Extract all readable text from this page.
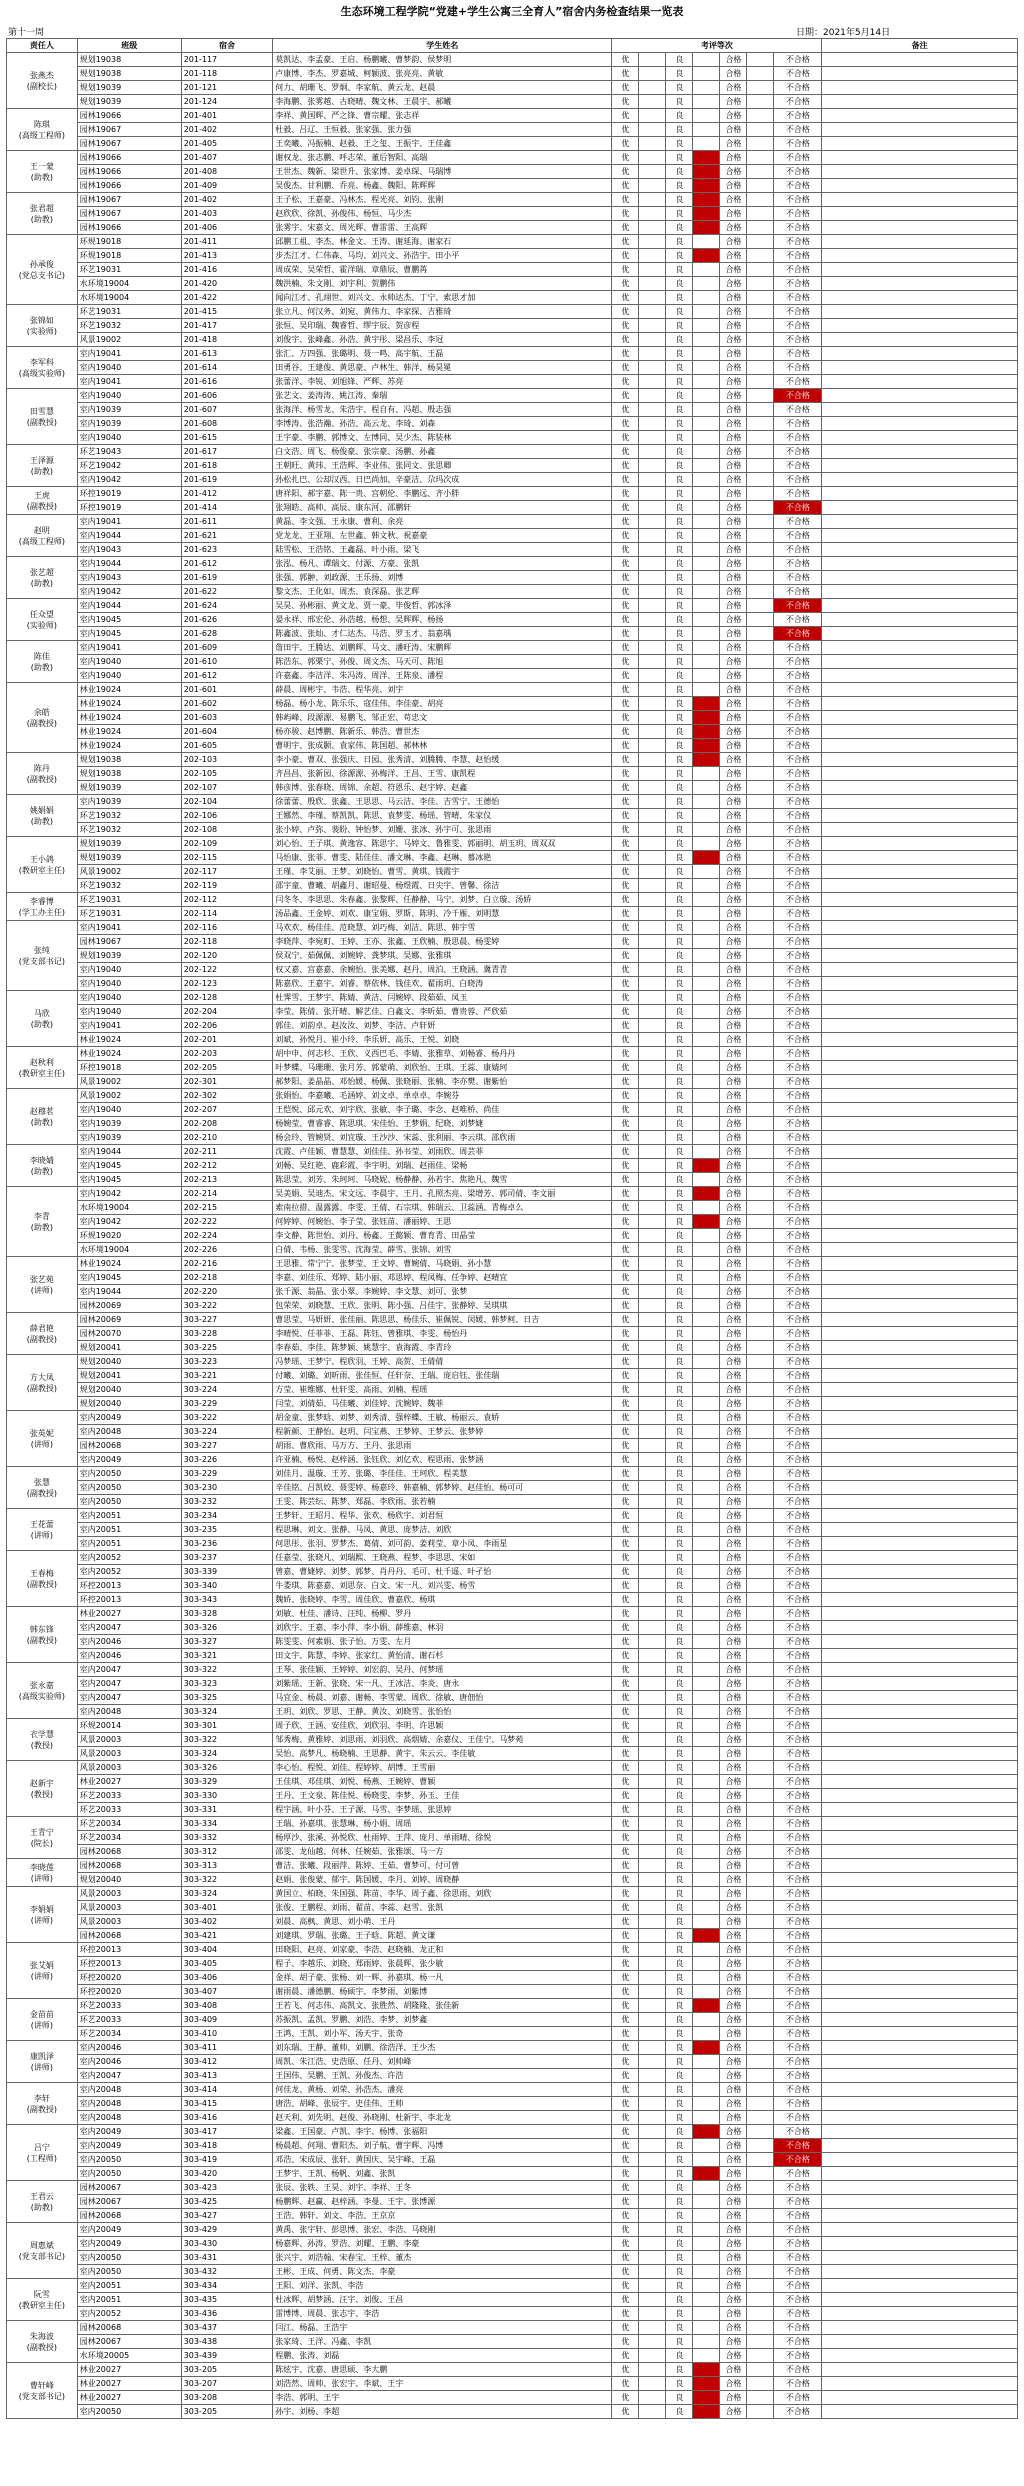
生态环境工程学院“党建+学生公寓三全育人”宿舍内务检查结果一览表
第十一周	日期：2021年5月14日
责任人	班级	宿舍	学生姓名	考评等次							备注
张燕杰
(副校长)	规划19038	201-117	莫凯达、李孟豪、王启、杨鹏曦、曹梦韵、侯梦明	优		良		合格		不合格	
	规划19038	201-118	卢康博、李杰、罗嘉城、柯颖波、张亮亮、黄敏	优		良		合格		不合格	
	规划19039	201-121	何力、胡珊飞、罗炯、李家航、黄云龙、赵晨	优		良		合格		不合格	
	规划19039	201-124	李海鹏、张雾越、古晓晴、魏文林、王晨宇、郝曦	优		良		合格		不合格	
陈琪
(高级工程师)	园林19066	201-401	李祥、黄国辉、严之锋、曹宗耀、张志祥	优		良		合格		不合格	
	园林19067	201-402	杜毅、吕辽、王恒毅、张家强、张力强	优		良		合格		不合格	
	园林19067	201-405	王奕曦、冯振楠、赵毅、王之玺、王振宇、王佳鑫	优		良		合格		不合格	
王一蒙
(助教)	园林19066	201-407	谢权龙、张志鹏、呼志荣、董后智阳、高瑞	优		良		合格		不合格	
	园林19066	201-408	王世杰、魏新、梁世升、张家博、姜卓琛、马瑞博	优		良		合格		不合格	
	园林19066	201-409	吴俊杰、甘利鹏、乔亮、杨鑫、魏阳、陈辉辉	优		良		合格		不合格	
张君超
(助教)	园林19067	201-402	王子松、王嘉豪、冯林杰、程光亮、刘钧、张刚	优		良		合格		不合格	
	园林19067	201-403	赵欣欣、徐凯、孙俊伟、杨恒、马少杰	优		良		合格		不合格	
	园林19066	201-406	张雾宇、宋嘉文、周光辉、曹雷雷、王高辉	优		良		合格		不合格	
孙承俊
(党总支书记)	环规19018	201-411	邱鹏工祖、李杰、林金文、王涛、谢延海、谢家石	优		良		合格		不合格	
	环规19018	201-413	步杰江才、仁伟森、马均、刘兴文、孙浩宇、田小平	优		良		合格		不合格	
	环艺19031	201-416	周成荣、吴荣哲、霍洋瑞、章鼎辰、曹鹏苒	优		良		合格		不合格	
	水环境19004	201-420	魏洪楠、朱文刚、刘宇利、贺鹏伟	优		良		合格		不合格	
	水环境19004	201-422	闻向江才、孔翊世、刘兴文、永帅达杰、丁宁、索思才加	优		良		合格		不合格	
张锦如
(实验师)	环艺19031	201-415	张立凡、何汉务、刘宛、黄伟力、李家探、吉雅琦	优		良		合格		不合格	
	环艺19032	201-417	张恒、吴印瑞、魏睿哲、缪宇辰、贺彦程	优		良		合格		不合格	
	风景19002	201-418	刘俊宇、张峰鑫、孙浩、黄宇彤、梁昌乐、李冠	优		良		合格		不合格	
李军科
(高级实验师)	室内19041	201-613	张汇、万四强、张璐明、聂一鸣、高宇航、王磊	优		良		合格		不合格	
	室内19040	201-614	田勇谷、王建俊、黄思豪、卢林生、韩洋、杨昊冕	优		良		合格		不合格	
	室内19041	201-616	张蕾洋、李锐、刘旭锋、严辉、苏亮	优		良		合格		不合格	
田雪慧
(副教授)	室内19040	201-606	张艺文、姜涛涛、姚江涛、秦瑞	优		良		合格		不合格	
	室内19039	201-607	张海洋、杨雪龙、朱浩宇、程自有、冯超、殷志强	优		良		合格		不合格	
	室内19039	201-608	李博涛、张浩瀚、孙浩、高云龙、李琦、刘森	优		良		合格		不合格	
	室内19040	201-615	王宇豪、李鹏、郭博文、左博同、吴少杰、陈装林	优		良		合格		不合格	
王泽源
(助教)	环艺19043	201-617	白文浩、周飞、杨俊豪、张宗豪、汤鹏、孙鑫	优		良		合格		不合格	
	环艺19042	201-618	王朝旺、黄玮、王浩辉、李业伟、张同文、张思卿	优		良		合格		不合格	
	室内19042	201-619	孙松扎巴、公却汉西、日巴尚加、辛豪洁、尕玛次成	优		良		合格		不合格	
王虎
(副教授)	环控19019	201-412	唐祥阳、郝宇嘉、陈一贵、宫朝伦、李鹏远、齐小胖	优		良		合格		不合格	
	环控19019	201-414	张翔皓、高帅、高辰、康东河、邵鹏轩	优		良		合格		不合格	
赵明
(高级工程师)	室内19041	201-611	黄磊、李文强、王永康、曹利、余亮	优		良		合格		不合格	
	室内19044	201-621	党龙龙、王亚翔、左世鑫、韩文秋、祝嘉豪	优		良		合格		不合格	
	室内19043	201-623	陆雪松、王浩铭、王鑫磊、叶小雨、梁飞	优		良		合格		不合格	
张艺超
(助教)	室内19044	201-612	张泓、杨凡、谭瑞文、付源、方豪、张凯	优		良		合格		不合格	
	室内19043	201-619	张强、郭翀、刘政源、王乐扬、刘博	优		良		合格		不合格	
	室内19042	201-622	黎文杰、王化如、周杰、袁深磊、张艺辉	优		良		合格		不合格	
任众望
(实验师)	室内19044	201-624	吴昊、孙彬丽、黄文龙、贾一豪、毕俊哲、郭冰泽	优		良		合格		不合格	
	室内19045	201-626	晏永祥、邢宏伦、孙浩越、杨想、吴辉辉、杨扬	优		良		合格		不合格	
	室内19045	201-628	陈鑫波、张灿、才仁达杰、马浩、罗玉才、翁嘉瑀	优		良		合格		不合格	
陈佳
(助教)	室内19041	201-609	詹田宇、王腾达、刘鹏辉、马文、潘旺涛、宋鹏辉	优		良		合格		不合格	
	室内19040	201-610	陈浩东、郭栗宁、孙俊、周文杰、马天可、陈旭	优		良		合格		不合格	
	室内19040	201-612	许嘉鑫、李洁洋、朱冯涛、周洋、王陈泉、潘程	优		良		合格		不合格	
余皓
(副教授)	林业19024	201-601	薛晨、周彬宇、韦浩、程华亮、刘宇	优		良		合格		不合格	
	林业19024	201-602	杨磊、杨小龙、陈乐乐、寇佳伟、李佳豪、胡亮	优		良		合格		不合格	
	林业19024	201-603	韩屿峰、段源源、易鹏飞、邹正宏、苟忠文	优		良		合格		不合格	
	林业19024	201-604	杨亦骏、赵博鹏、陈新乐、韩浩、曹世杰	优		良		合格		不合格	
	林业19024	201-605	曹明宇、张成颢、袁家伟、陈国超、郝林林	优		良		合格		不合格	
陈丹
(副教授)	规划19038	202-103	李小豪、曹双、张强庆、日园、张秀清、刘腾腾、李慧、赵怡缓	优		良		合格		不合格	
	规划19038	202-105	齐昌昌、张新园、徐源源、孙梅洋、王昌、王雪、康凯程	优		良		合格		不合格	
	规划19039	202-107	韩彦博、张春晓、周锦、余超、符恩乐、赵宇婷、赵鑫	优		良		合格		不合格	
姚娟娟
(助教)	室内19039	202-104	徐蕾蕾、殷欣、张鑫、王思思、马云洁、李佳、吉雪宁、王德怡	优		良		合格		不合格	
	环艺19032	202-106	王娜然、李瑾、蔡凯凯、陈思、袁梦雯、杨瑶、管晴、朱家仪	优		良		合格		不合格	
	环艺19032	202-108	张小婷、卢弥、裴盼、钟怡梦、刘姗、张冰、孙宇可、张思雨	优		良		合格		不合格	
王小鸽
(教研室主任)	规划19039	202-109	刘心怡、王子琪、黄逸容、陈思宇、马婷文、鲁雅雯、郭丽明、胡玉玥、周双双	优		良		合格		不合格	
	规划19039	202-115	马怡康、张菲、曹雯、陆佳佳、潘文琳、李鑫、赵琳、慕冰艳	优		良		合格		不合格	
	风景19002	202-117	王瑾、李艾丽、王梦、刘晓怡、曹雪、黄琪、钱霞宇	优		良		合格		不合格	
	环艺19032	202-119	邵宇童、曹曦、胡鑫月、谢昭曼、杨煜霞、日尖宇、曾馨、徐洁	优		良		合格		不合格	
李睿博
(学工办主任)	环艺19031	202-112	闫冬冬、李思思、朱春鑫、张黎辉、任静静、马宁、刘梦、白立璇、汤娇	优		良		合格		不合格	
	环艺19031	202-114	汤品鑫、王金婷、刘欢、康宝娟、罗斯、陈明、冷千雁、刘明慧	优		良		合格		不合格	
张纯
(党支部书记)	室内19041	202-116	马欢欢、杨佳佳、范晓慧、刘巧梅、刘洁、陈思、韩宇雪	优		良		合格		不合格	
	园林19067	202-118	李晓萍、李宛町、王婷、王亦、张鑫、王欣楠、殷思晨、杨雯婷	优		良		合格		不合格	
	规划19039	202-120	侯双宁、茹佩佩、刘婉婷、龚梦琪、吴娜、张雅琪	优		良		合格		不合格	
	室内19040	202-122	权又嘉、宫嘉嘉、余婉怡、张美娜、赵丹、周泊、王晓涵、冀青青	优		良		合格		不合格	
	室内19040	202-123	陈嘉欣、王嘉宇、刘睿、蔡依林、钱佳欢、翟雨玥、白晓涛	优		良		合格		不合格	
马欣
(助教)	室内19040	202-128	杜霁雪、王梦宇、陈婧、黄洁、闫婉婷、段茹茹、凤玉	优		良		合格		不合格	
	室内19040	202-204	李莹、陈倩、张开晴、解艺佳、白鑫文、李昕茹、曹贵蓉、严欣茹	优		良		合格		不合格	
	室内19041	202-206	郭佳、刘韵卓、赵汝汝、刘梦、李洁、卢轩妍	优		良		合格		不合格	
	林业19024	202-201	刘斌、孙悦月、崔小玲、李乐妍、高乐、王悦、刘晓	优		良		合格		不合格	
赵秋利
(教研室主任)	林业19024	202-203	胡中申、何志杉、王欣、义西巴毛、李婧、张雅草、刘畅睿、杨丹丹	优		良		合格		不合格	
	环控19018	202-205	叶梦蝶、马珊珊、张月芳、郭蒙萌、刘欣怡、王琪、王蕊、康婧珂	优		良		合格		不合格	
	风景19002	202-301	郝梦阳、姜晶晶、邓怡媛、杨佩、张晓丽、张楠、李亦樊、谢紫怡	优		良		合格		不合格	
赵穆茗
(助教)	风景19002	202-302	张娟怡、李嘉曦、毛涵婷、刘文卓、单卓卓、李婉芬	优		良		合格		不合格	
	室内19040	202-207	王恺悦、邱元欢、刘宇欣、张敏、李子璐、李念、赵唯桥、尚佳	优		良		合格		不合格	
	室内19039	202-208	杨婉莹、曹睿睿、陈思琪、宋佳怡、王梦娟、纪晓、刘梦婕	优		良		合格		不合格	
	室内19039	202-210	杨会玲、管婉贤、刘宜璇、王沙沙、宋蕊、张利丽、李云琪、邵欣雨	优		良		合格		不合格	
李晓婧
(助教)	室内19044	202-211	沈霞、卢佳颖、曹慧慧、刘佳佳、孙书莹、刘雨欣、周芸菲	优		良		合格		不合格	
	室内19045	202-212	刘畅、吴红艳、鹿彩霞、李宇明、刘瑞、赵雨佳、梁畅	优		良		合格		不合格	
	室内19045	202-213	陈思莹、刘芳、朱珂珂、马晓妮、杨静静、孙若宇、焦艳凡、魏雪	优		良		合格		不合格	
李青
(助教)	室内19042	202-214	吴美娟、吴迪杰、宋文远、李晨宇、王月、孔照杰亮、梁增芳、郭司倩、李文丽	优		良		合格		不合格	
	水环境19004	202-215	索南拉措、温露露、李雯、王倩、石宗琪、韩瑞云、卫蕊涵、青梅卓么	优		良		合格		不合格	
	室内19042	202-222	何婷婷、何婉怡、李子莹、张钰苗、潘丽婷、王思	优		良		合格		不合格	
	环规19020	202-224	李文静、陈世怡、刘丹、杨鑫、王懿颖、曹育青、田晶莹	优		良		合格		不合格	
	水环境19004	202-226	白倩、韦杨、张雯雪、沈海莹、薛雪、张锦、刘雪	优		良		合格		不合格	
张艺苑
(讲师)	林业19024	202-216	王思雅、常宁宁、张梦莹、王文婷、曹婉倩、马晓娟、孙小慧	优		良		合格		不合格	
	室内19045	202-218	李嘉、刘佳乐、郑婷、陆小丽、邓思婷、程凤梅、任争婷、赵晴宜	优		良		合格		不合格	
	室内19044	202-220	张千源、翁晶、张小翠、李婉婷、李文慧、刘可、张梦	优		良		合格		不合格	
	园林20069	303-222	包荣荣、刘晓慧、王欣、张明、陈小强、吕佳宇、张静婷、吴琪琪	优		良		合格		不合格	
薛君艳
(副教授)	园林20069	303-227	曹思莹、马妍妍、张佳丽、陈思思、杨佳乐、崔佩锐、闵媛、韩梦柯、日吉	优		良		合格		不合格	
	园林20070	303-228	李晴悦、任菲菲、王磊、陈钰、曾雅琪、李雯、杨怡丹	优		良		合格		不合格	
	规划20041	303-225	李春茹、李佳、陈梦颖、姚慧宇、袁海霞、李青玲	优		良		合格		不合格	
方大凤
(副教授)	规划20040	303-223	冯梦瑶、王梦宁、程欣羽、王婷、高贺、王倩倩	优		良		合格		不合格	
	规划20041	303-221	付曦、刘璐、刘昕雨、张佳恒、任轩奈、王瑞、庞启钰、张佳瑞	优		良		合格		不合格	
	规划20040	303-224	方莹、崔维娜、杜轩雯、高雨、刘楠、程瑶	优		良		合格		不合格	
	规划20040	303-229	闫莹、刘倩茹、马佳曦、刘佳婷、沈婉婷、魏菲	优		良		合格		不合格	
张英妮
(讲师)	室内20049	303-222	胡金童、张梦晗、刘梦、刘秀清、强梓蝶、王敏、杨丽云、袁娇	优		良		合格		不合格	
	室内20048	303-224	程新颜、王静怡、赵玥、闫宝燕、王梦婷、王梦云、张梦婷	优		良		合格		不合格	
	园林20068	303-227	胡雨、曹欣雨、马万方、王丹、张思雨	优		良		合格		不合格	
	室内20049	303-226	许亚楠、杨悦、赵梓涵、张钰欣、刘亿欢、程思雨、张梦涵	优		良		合格		不合格	
张慧
(副教授)	室内20050	303-229	刘佳月、温璇、王芳、张璐、李佳佳、王珂欣、程美慧	优		良		合格		不合格	
	室内20050	303-230	辛佳铭、吕凯姣、聂雯婷、杨嘉玲、韩嘉楠、郭梦婷、赵佳怡、杨可可	优		良		合格		不合格	
	室内20050	303-232	王雯、陈芸纭、陈梦、郑磊、李欣雨、张若楠	优		良		合格		不合格	
王花蕾
(讲师)	室内20051	303-234	王梦轩、王昭月、程华、张欢、杨欣宇、刘君恒	优		良		合格		不合格	
	室内20051	303-235	程思琳、刘文、张静、马凤、黄思、庞梦洁、刘欣	优		良		合格		不合格	
	室内20051	303-236	何思彤、张羽、罗梦杰、葛倩、刘可韵、姜莉莹、章小凤、李雨星	优		良		合格		不合格	
王春梅
(副教授)	室内20052	303-237	任嘉莹、张晓凡、刘瑞熙、王晓燕、程梦、李思思、宋如	优		良		合格		不合格	
	室内20052	303-339	曾嘉、曹婕婷、刘梦、郭梦、肖丹丹、毛可、杜千遥、叶孑怡	优		良		合格		不合格	
	环控20013	303-340	牛娄琪、陈嘉嘉、刘思奈、白文、宋一凡、刘兴雯、杨雪	优		良		合格		不合格	
	环控20013	303-343	魏娇、张晓婷、李雪、周佳欣、曹嘉欣、杨琪	优		良		合格		不合格	
韩东锋
(副教授)	林业20027	303-328	刘敏、杜佳、潘诗、汪纯、杨柳、罗丹	优		良		合格		不合格	
	室内20047	303-326	刘欣宇、王嘉、李小萍、李小娟、薛维嘉、林羽	优		良		合格		不合格	
	室内20046	303-327	陈雯雯、何素娟、张子怡、万雯、左月	优		良		合格		不合格	
	室内20046	303-321	田文宇、陈慧、李婷、张家红、黄怡清、谢石杉	优		良		合格		不合格	
张永嘉
(高级实验师)	室内20047	303-322	王琴、张佳颖、王婷婷、刘宏韵、吴丹、何梦瑶	优		良		合格		不合格	
	室内20047	303-323	刘紫瑶、王新、张晓、宋一凡、王冰洁、李炎、唐永	优		良		合格		不合格	
	室内20047	303-325	马宜金、杨晨、刘嘉、谢畅、李雪蒙、周欣、徐敏、唐佃怡	优		良		合格		不合格	
	室内20048	303-324	王玥、刘欣、罗思、王静、黄汝、刘晓雪、张怡怡	优		良		合格		不合格	
衣学慧
(教授)	环规20014	303-301	周子欣、王涵、安佳欣、刘欣羽、李明、许思颖	优		良		合格		不合格	
	风景20003	303-322	邹秀梅、黄雅婷、刘思雨、刘羽欣、高烟婧、余嘉仪、王佳宁、马梦苑	优		良		合格		不合格	
	风景20003	303-324	吴怡、高梦凡、杨晓楠、王思静、黄宇、朱云云、李佳敏	优		良		合格		不合格	
赵新宇
(教授)	风景20003	303-326	李心怡、程悦、刘佳、程婷婷、胡博、王雪丽	优		良		合格		不合格	
	林业20027	303-329	王佳琪、邓佳琪、刘悦、杨燕、王婉婷、曹颖	优		良		合格		不合格	
	环艺20033	303-330	王丹、王文泉、陈佳悦、杨晓雯、李梦、孙玉、王佳	优		良		合格		不合格	
	环艺20033	303-331	程宇涵、叶小芬、王子源、马雪、李梦瑶、张思婷	优		良		合格		不合格	
王青宁
(院长)	环艺20034	303-334	王瑞、孙嘉琪、张慧琳、杨小娟、周瑶	优		良		合格		不合格	
	环艺20034	303-332	杨厚沙、张溪、孙悦欣、杜雨婷、王萍、庞月、单雨晴、徐悦	优		良		合格		不合格	
	园林20068	303-312	邵雯、龙仙越、何林、任婉茹、张雅颂、马一方	优		良		合格		不合格	
李晓莲
(讲师)	园林20068	303-313	曹洁、张曦、段丽萍、陈婷、王茹、曹梦可、付可曾	优		良		合格		不合格	
	规划20040	303-322	赵娟、张俊蒙、郁宇、陈国媛、李月、刘婷、周晓静	优		良		合格		不合格	
李娟娟
(讲师)	风景20003	303-324	黄国立、柏晓、朱国强、陈苗、李华、周子鑫、徐思雨、刘欣	优		良		合格		不合格	
	风景20003	303-401	张俊、王鹏程、刘雨、翟苗、李蕊、赵雪、张凯	优		良		合格		不合格	
	风景20003	303-402	刘晨、高枫、黄思、刘小萌、王丹	优		良		合格		不合格	
	园林20068	303-421	刘建琪、罗瑞、张璐、王子晗、陈超、黄文谦	优		良		合格		不合格	
张艾娟
(讲师)	环控20013	303-404	田晓阳、赵亮、刘家豪、李浩、赵晓楠、龙正和	优		良		合格		不合格	
	环控20013	303-405	程子、李越乐、刘晓、郑雨婷、张晨辉、张少敏	优		良		合格		不合格	
	环控20020	303-406	金祥、胡子豪、张杨、刘一辉、孙嘉琪、杨一凡	优		良		合格		不合格	
	环控20020	303-407	谢雨晨、潘德鹏、杨硕宇、李梦雨、刘紫博	优		良		合格		不合格	
金苗苗
(讲师)	环艺20033	303-408	王若飞、何志伟、高凯文、张胜然、胡隆隆、张佳新	优		良		合格		不合格	
	环艺20033	303-409	苏振凯、孟凯、罗鹏、刘浩、李梦、刘梦鑫	优		良		合格		不合格	
	环艺20034	303-410	王鸿、王凯、刘小军、汤天宇、张奇	优		良		合格		不合格	
康凯泽
(讲师)	室内20046	303-411	刘东瑞、王静、董帅、刘鹏、徐浩洋、王少杰	优		良		合格		不合格	
	室内20046	303-412	周凯、朱江浩、史浩原、任丹、刘帅峰	优		良		合格		不合格	
	室内20047	303-413	王国伟、吴鹏、王凯、孙俊杰、许浩	优		良		合格		不合格	
李轩
(副教授)	室内20048	303-414	何佳龙、黄杨、刘荣、孙浩杰、潘亮	优		良		合格		不合格	
	室内20048	303-415	唐浩、胡峰、张辰宇、史佳伟、王帅	优		良		合格		不合格	
	室内20048	303-416	赵天利、刘先明、赵俊、孙晓刚、杜新宇、李北龙	优		良		合格		不合格	
吕宁
(工程师)	室内20049	303-417	梁鑫、王国豪、卢凯、李宇、杨博、张福阳	优		良		合格		不合格	
	室内20049	303-418	杨晨超、何翔、曹阳杰、刘子航、曹宇辉、冯博	优		良		合格		不合格	
	室内20050	303-419	邓浩、宋成辰、张轩、黄国庆、吴宇峰、王磊	优		良		合格		不合格	
	室内20050	303-420	王梦宇、王凯、杨帆、刘鑫、张凯	优		良		合格		不合格	
王君云
(助教)	园林20067	303-423	张辰、张轶、王昊、刘宇、李祥、王冬	优		良		合格		不合格	
	园林20067	303-425	杨鹏辉、赵赢、赵梓涵、李曼、王宇、张博源	优		良		合格		不合格	
	园林20068	303-427	王浩、韩轩、刘文、李浩、王京京	优		良		合格		不合格	
周惠斌
(党支部书记)	室内20049	303-429	黄禹、张宇轩、彭思博、张宏、李浩、马晓刚	优		良		合格		不合格	
	室内20049	303-430	杨嘉辉、孙涛、罗浩、刘耀、王鹏、李豪	优		良		合格		不合格	
	室内20050	303-431	张兴宇、刘浩翰、宋春宝、王梓、董杰	优		良		合格		不合格	
	室内20050	303-432	王彬、王成、何勇、陈文杰、李豪	优		良		合格		不合格	
阮雪
(教研室主任)	室内20051	303-434	王阳、刘洋、张凯、李浩	优		良		合格		不合格	
	室内20051	303-435	杜冰辉、胡梦涵、汪宇、刘俊、王昌	优		良		合格		不合格	
	室内20052	303-436	雷博博、周晨、张志宇、李浩	优		良		合格		不合格	
朱海波
(副教授)	园林20068	303-437	闫江、杨磊、王浩宇	优		良		合格		不合格	
	园林20067	303-438	张家琦、王洋、冯鑫、李凯	优		良		合格		不合格	
	水环境20005	303-439	程鹏、张涛、刘磊	优		良		合格		不合格	
曹轩峰
(党支部书记)	林业20027	303-205	陈炫宇、沈嘉、唐思硕、李大鹏	优		良		合格		不合格	
	林业20027	303-207	刘浩然、周帅、张宏宇、李斌、王宇	优		良		合格		不合格	
	林业20027	303-208	李浩、郭明、王宇	优		良		合格		不合格	
	室内20050	303-205	孙宇、刘杨、李超	优		良		合格		不合格	
